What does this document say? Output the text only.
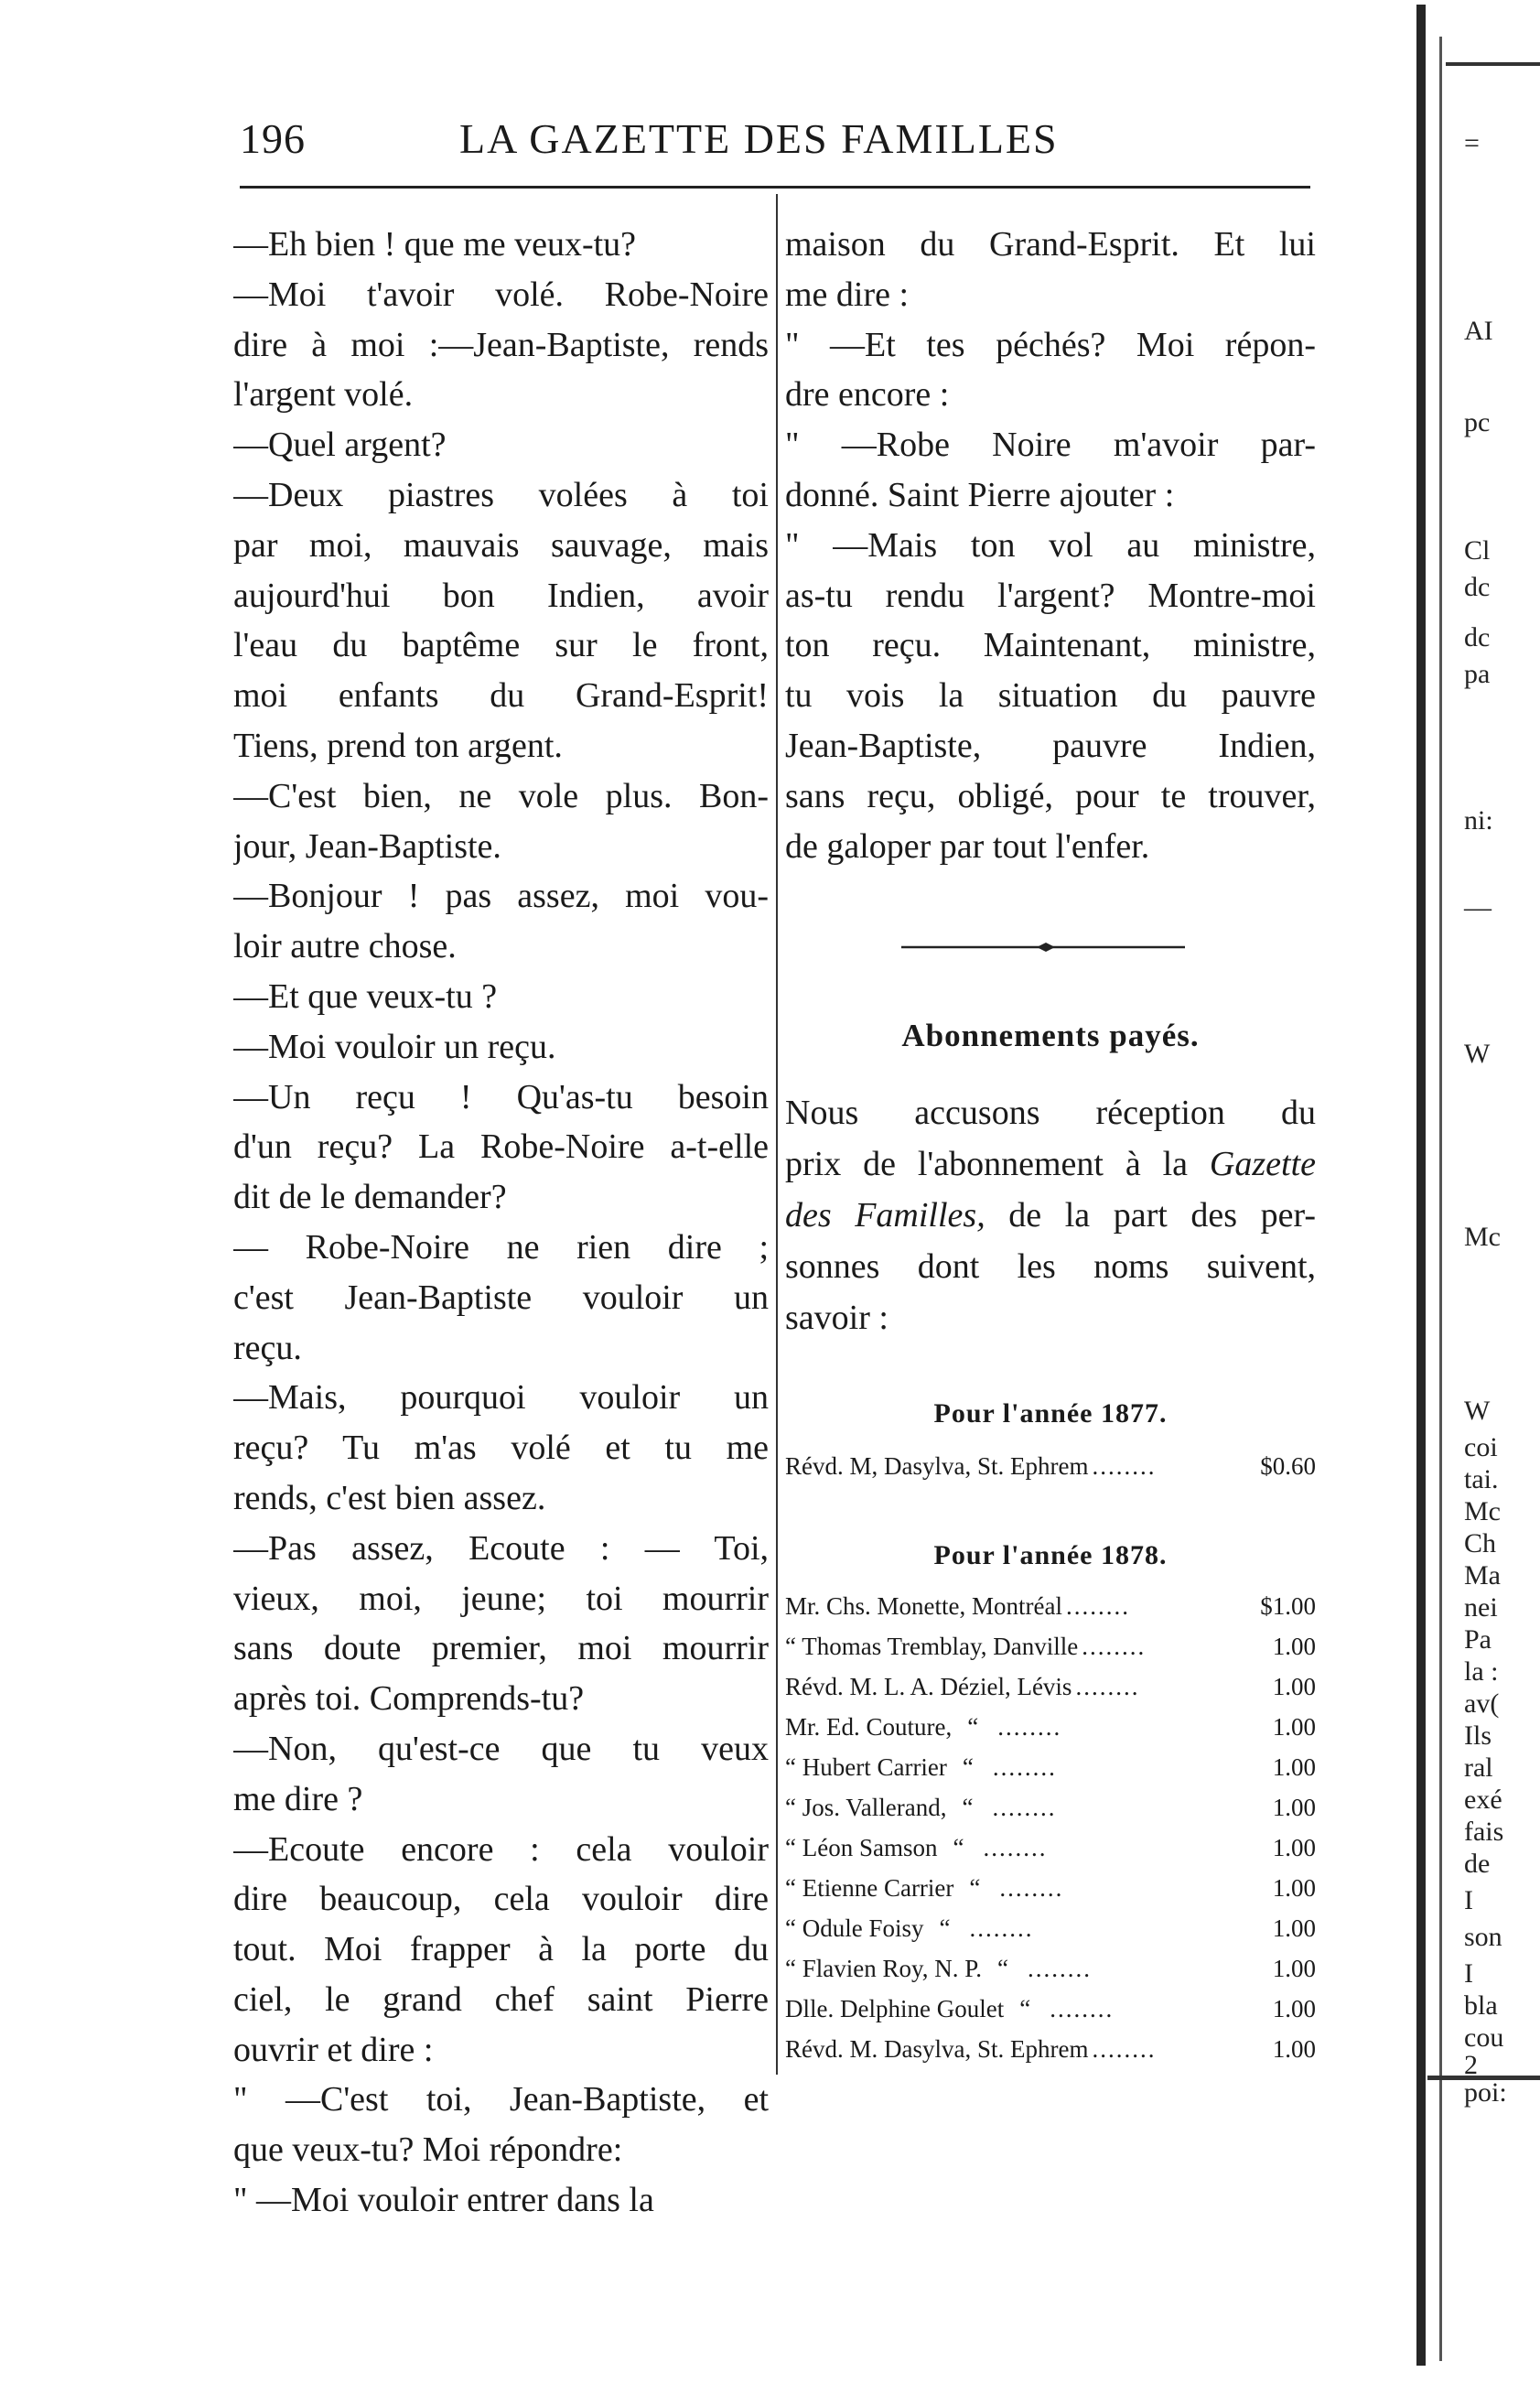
196	LA GAZETTE DES FAMILLES
—Eh bien ! que me veux-tu?
—Moi t'avoir volé. Robe-Noire
dire à moi :—Jean-Baptiste, rends
l'argent volé.
—Quel argent?
—Deux piastres volées à toi
par moi, mauvais sauvage, mais
aujourd'hui bon Indien, avoir
l'eau du baptême sur le front,
moi enfants du Grand-Esprit!
Tiens, prend ton argent.
—C'est bien, ne vole plus. Bon-
jour, Jean-Baptiste.
—Bonjour ! pas assez, moi vou-
loir autre chose.
—Et que veux-tu ?
—Moi vouloir un reçu.
—Un reçu ! Qu'as-tu besoin
d'un reçu? La Robe-Noire a-t-elle
dit de le demander?
— Robe-Noire ne rien dire ;
c'est Jean-Baptiste vouloir un
reçu.
—Mais, pourquoi vouloir un
reçu? Tu m'as volé et tu me
rends, c'est bien assez.
—Pas assez, Ecoute : — Toi,
vieux, moi, jeune; toi mourrir
sans doute premier, moi mourrir
après toi. Comprends-tu?
—Non, qu'est-ce que tu veux
me dire ?
—Ecoute encore : cela vouloir
dire beaucoup, cela vouloir dire
tout. Moi frapper à la porte du
ciel, le grand chef saint Pierre
ouvrir et dire :
" —C'est toi, Jean-Baptiste, et
que veux-tu? Moi répondre:
" —Moi vouloir entrer dans la
maison du Grand-Esprit. Et lui
me dire :
" —Et tes péchés? Moi répon-
dre encore :
" —Robe Noire m'avoir par-
donné. Saint Pierre ajouter :
" —Mais ton vol au ministre,
as-tu rendu l'argent? Montre-moi
ton reçu. Maintenant, ministre,
tu vois la situation du pauvre
Jean-Baptiste, pauvre Indien,
sans reçu, obligé, pour te trouver,
de galoper par tout l'enfer.
Abonnements payés.
Nous accusons réception du
prix de l'abonnement à la Gazette
des Familles, de la part des per-
sonnes dont les noms suivent,
savoir :
Pour l'année 1877.
Révd. M, Dasylva, St. Ephrem ........	$0.60
Pour l'année 1878.
Mr. Chs. Monette, Montréal ........	$1.00
“ Thomas Tremblay, Danville ........	1.00
Révd. M. L. A. Déziel, Lévis ........	1.00
Mr. Ed. Couture, “ ........	1.00
“ Hubert Carrier “ ........	1.00
“ Jos. Vallerand, “ ........	1.00
“ Léon Samson “ ........	1.00
“ Etienne Carrier “ ........	1.00
“ Odule Foisy “ ........	1.00
“ Flavien Roy, N. P. “ ........	1.00
Dlle. Delphine Goulet “ ........	1.00
Révd. M. Dasylva, St. Ephrem ........	1.00
=
AI
pc
Cl
dc
dc
pa
ni:
—
W
Mc
W
coi
tai.
Mc
Ch
Ma
nei
Pa
la :
av(
Ils
ral
exé
fais
de
I
son
I
bla
cou
2
poi:
